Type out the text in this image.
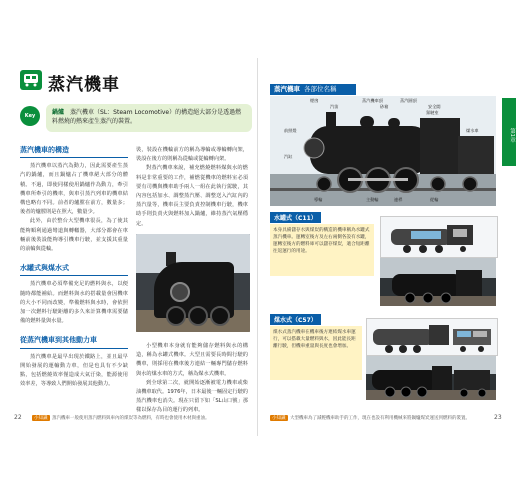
蒸汽機車
Key Point
鍋爐　 蒸汽機車（SL：Steam Locomotive）的構造絕大部分是透過燃料燃燒的熱來產生蒸汽的裝置。
蒸汽機車的構造

蒸汽機車以蒸汽為動力，因此需要產生蒸汽的鍋爐，而且鍋爐占了機車絕大部分的體積。不過，即使同樣使用鍋爐作為動力，牽引機車所牽引的機車，與車引蒸汽列車的機車結構也略有不同。前者的爐膛在前方，數量多；後者的爐膛則是在照大，數量少。

此外，由於整台大型機車很長，為了使其能夠順利通過彎道與轉轍器，大部分都會在車輛前後裝設能夠導引機車行駛，並支援其重量的前輪與從輪。

水罐式與煤水式

蒸汽機車必須準備充足的燃料與水，以便隨時都能補給。而燃料與水的搭載量會因機車的大小不同而改變，準備燃料與水時，會依照加一次燃料行駛距離的多久來計算機車需要儲備的燃料量與水量。

從蒸汽機車到其他動力車

蒸汽機車是最早出現於鐵路上，並且最早開始發展的運輸動力車，但是也具有不少缺點，包括燃燒效率僅造成大氣汙染，能源使用效率差，等導致人們開始發展其他動力。

裝，裝設在機輪前方的稱為導輪或導輪轉向架，裝設在後方的則稱為從輪或從輪轉向架。

對蒸汽機車來說，補充燃燒燃料煤與水的燃料是非常重要的工作，補燃從機車的燃料室必須要有司機與機車助手兩人一組在此執行駕駛，其內容包括加水、調整蒸汽壓、調整送入汽缸內的蒸汽量等，機車長主要負責控制機車行駛，機車助手則負責火與燃料加入鍋爐，維持蒸汽氣壓穩定。

小型機車本身就有能夠儲存燃料與水的構造，稱為水罐式機車。大型且需要長時間行駛的機車，則採用在機車後方連結一輛專門儲存燃料與水的煤水車的方式，稱為煤水式機車。

到全球第二次，就開始逐漸被電力機車或柴油機車取代。1976年，日本最後一輛固定行駛的蒸汽機車也消失。現在只留下如「SL山口號」那樣以保存為目的運行的列車。

22	小知識	蒸汽機車一般使用蒸汽燃料與車內的煤炭等為燃料，有時也會使用木材與重油。
蒸汽機車 各部位名稱
第1章
蒸汽機車頂
汽笛	砂箱
蒸汽圓頂
安全閥
煙囪
前照燈
汽缸
主動輪	連桿
導輪	從輪
煤水車
駕駛室
水罐式（C11）
本身具備儲存水與煤炭的構造的機車稱為水罐式蒸汽機車。運轉室後方及左右兩側各設有水罐，運轉室後方的燃料庫可以儲存煤炭，適合短距離往返運行的用途。
煤水式（C57）
煤水式蒸汽機車在機車後方連結煤水車運行，可以搭載大量燃料與水，因此能長距離行駛，但機車重量與長度也會增加。
小知識	大型機車為了減輕機車助手的工作，現在也設有利用機械來將鍋爐煤炭運送到燃料的裝置。	23
